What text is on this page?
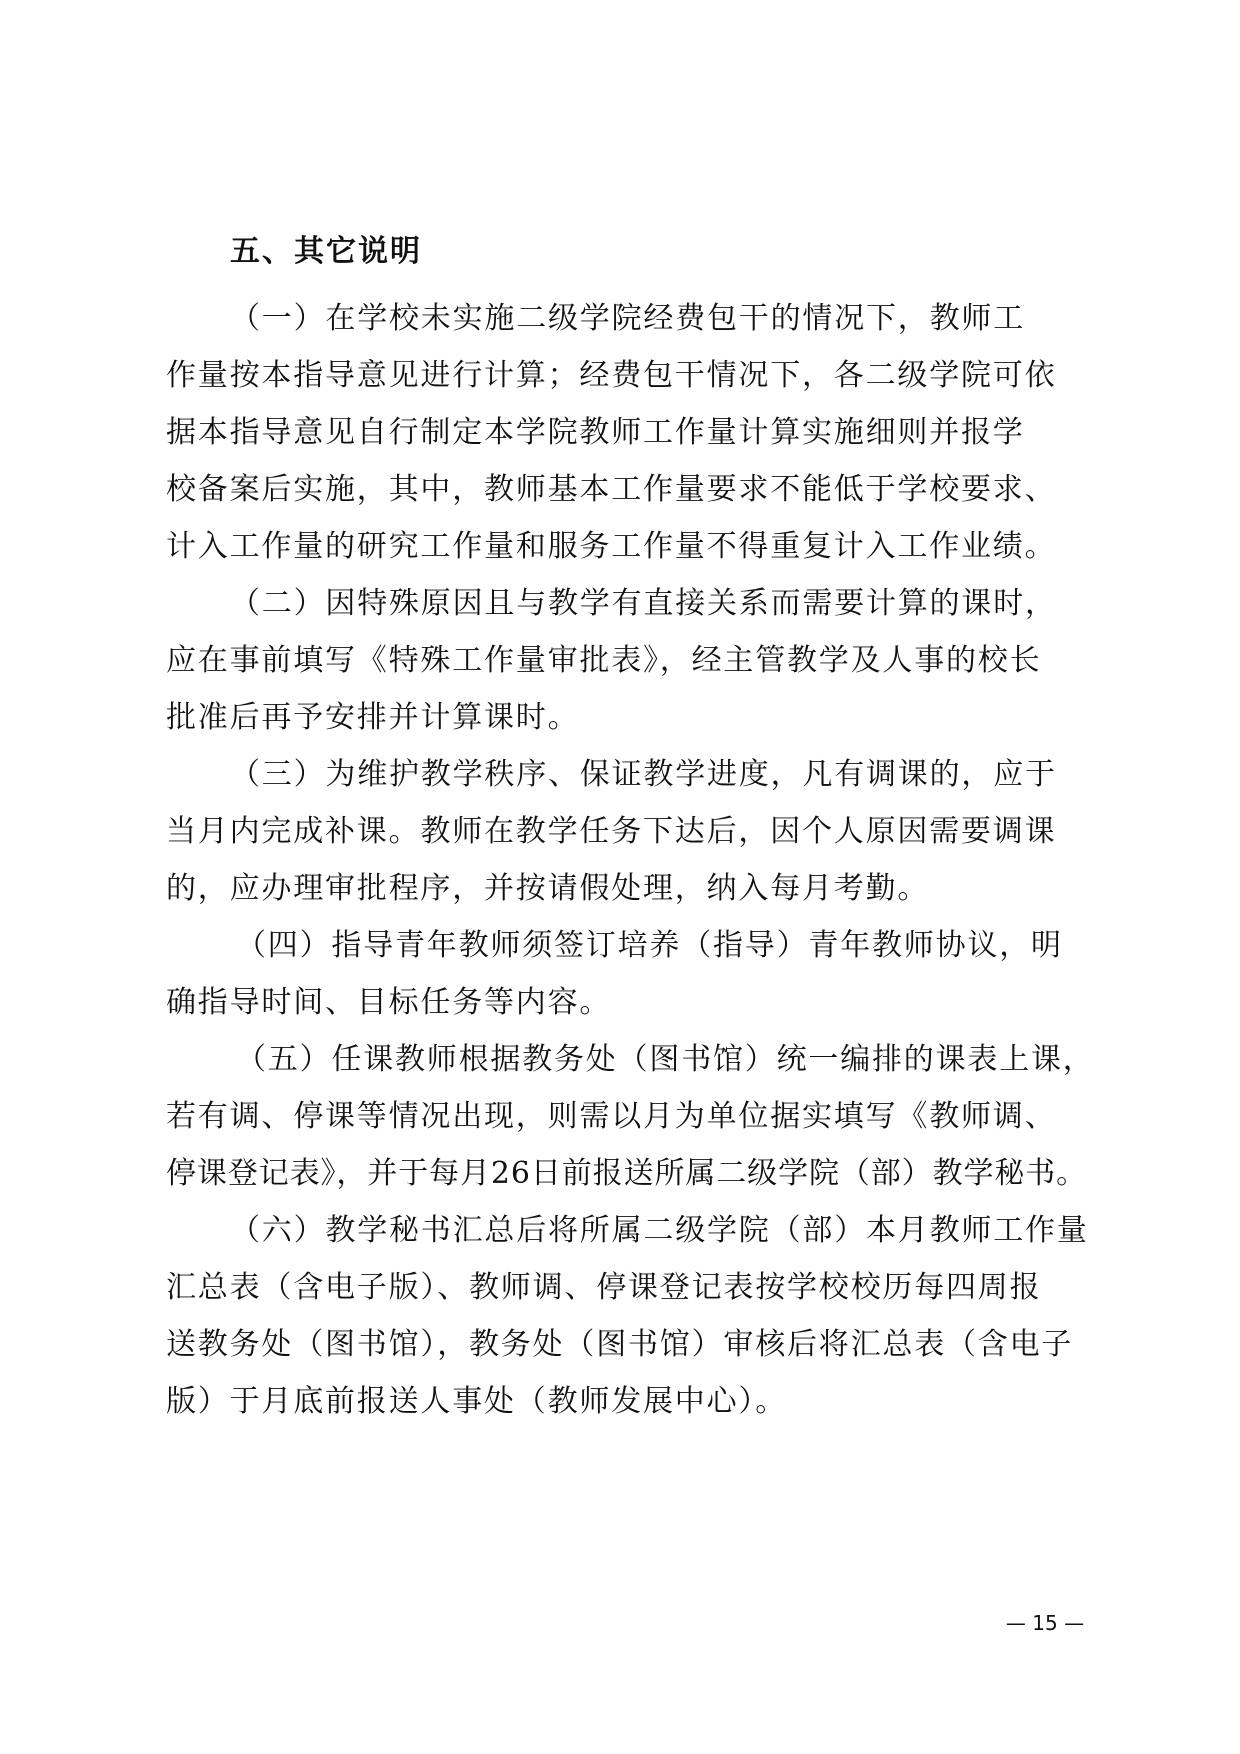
五、其它说明
（一）在学校未实施二级学院经费包干的情况下，教师工
作量按本指导意见进行计算；经费包干情况下，各二级学院可依
据本指导意见自行制定本学院教师工作量计算实施细则并报学
校备案后实施，其中，教师基本工作量要求不能低于学校要求、
计入工作量的研究工作量和服务工作量不得重复计入工作业绩。
（二）因特殊原因且与教学有直接关系而需要计算的课时，
应在事前填写《特殊工作量审批表》，经主管教学及人事的校长
批准后再予安排并计算课时。
（三）为维护教学秩序、保证教学进度，凡有调课的，应于
当月内完成补课。教师在教学任务下达后，因个人原因需要调课
的，应办理审批程序，并按请假处理，纳入每月考勤。
（四）指导青年教师须签订培养（指导）青年教师协议，明
确指导时间、目标任务等内容。
（五）任课教师根据教务处（图书馆）统一编排的课表上课，
若有调、停课等情况出现，则需以月为单位据实填写《教师调、
停课登记表》，并于每月26日前报送所属二级学院（部）教学秘书。
（六）教学秘书汇总后将所属二级学院（部）本月教师工作量
汇总表（含电子版）、教师调、停课登记表按学校校历每四周报
送教务处（图书馆），教务处（图书馆）审核后将汇总表（含电子
版）于月底前报送人事处（教师发展中心）。
— 15 —
